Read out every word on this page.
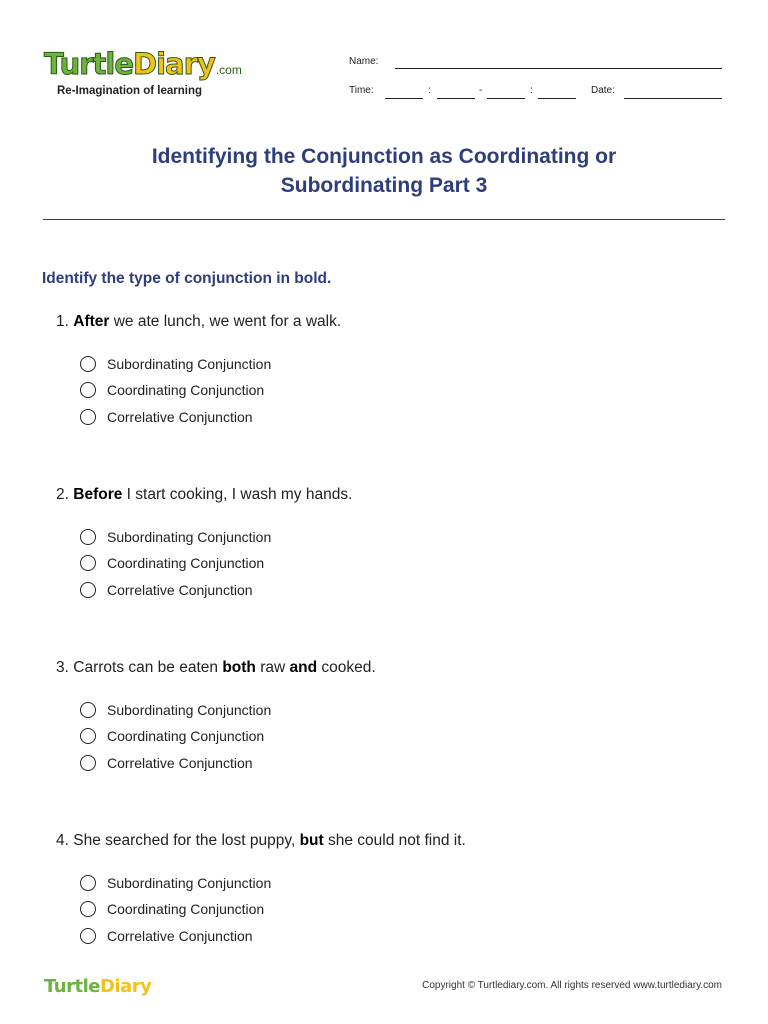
TurtleDiary.com
Re-Imagination of learning
Name:
Time:	:	-	:	Date:
Identifying the Conjunction as Coordinating or
Subordinating Part 3
Identify the type of conjunction in bold.
1. After we ate lunch, we went for a walk.
Subordinating Conjunction
Coordinating Conjunction
Correlative Conjunction
2. Before I start cooking, I wash my hands.
Subordinating Conjunction
Coordinating Conjunction
Correlative Conjunction
3. Carrots can be eaten both raw and cooked.
Subordinating Conjunction
Coordinating Conjunction
Correlative Conjunction
4. She searched for the lost puppy, but she could not find it.
Subordinating Conjunction
Coordinating Conjunction
Correlative Conjunction
TurtleDiary	Copyright © Turtlediary.com. All rights reserved www.turtlediary.com
